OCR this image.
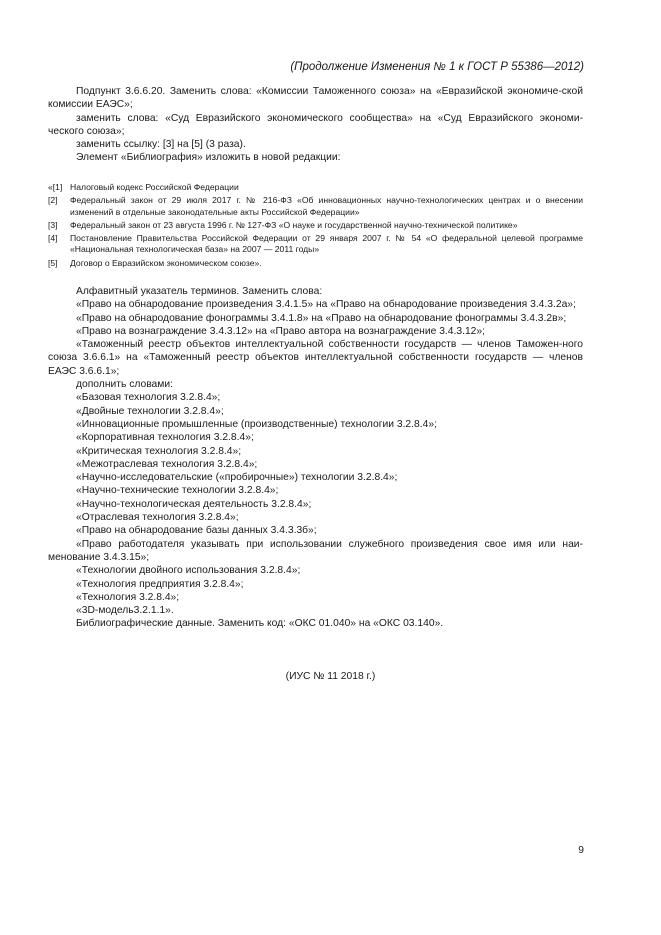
(Продолжение Изменения № 1 к ГОСТ Р 55386—2012)

Подпункт 3.6.6.20. Заменить слова: «Комиссии Таможенного союза» на «Евразийской экономиче-ской комиссии ЕАЭС»;

заменить слова: «Суд Евразийского экономического сообщества» на «Суд Евразийского экономи-ческого союза»;

заменить ссылку: [3] на [5] (3 раза).

Элемент «Библиография» изложить в новой редакции:

«[1] Налоговый кодекс Российской Федерации
[2]	Федеральный закон от 29 июля 2017 г. № 216-ФЗ «Об инновационных научно-технологических центрах и о внесении изменений в отдельные законодательные акты Российской Федерации»
[3]	Федеральный закон от 23 августа 1996 г. № 127-ФЗ «О науке и государственной научно-технической политике»
[4]	Постановление Правительства Российской Федерации от 29 января 2007 г. № 54 «О федеральной целевой программе «Национальная технологическая база» на 2007 — 2011 годы»
[5]	Договор о Евразийском экономическом союзе».

Алфавитный указатель терминов. Заменить слова:

«Право на обнародование произведения 3.4.1.5» на «Право на обнародование произведения 3.4.3.2а»;

«Право на обнародование фонограммы 3.4.1.8» на «Право на обнародование фонограммы 3.4.3.2в»;

«Право на вознаграждение 3.4.3.12» на «Право автора на вознаграждение 3.4.3.12»;

«Таможенный реестр объектов интеллектуальной собственности государств — членов Таможен-ного союза 3.6.6.1» на «Таможенный реестр объектов интеллектуальной собственности государств — членов ЕАЭС 3.6.6.1»;

дополнить словами:

«Базовая технология 3.2.8.4»;

«Двойные технологии 3.2.8.4»;

«Инновационные промышленные (производственные) технологии 3.2.8.4»;

«Корпоративная технология 3.2.8.4»;

«Критическая технология 3.2.8.4»;

«Межотраслевая технология 3.2.8.4»;

«Научно-исследовательские («пробирочные») технологии 3.2.8.4»;

«Научно-технические технологии 3.2.8.4»;

«Научно-технологическая деятельность 3.2.8.4»;

«Отраслевая технология 3.2.8.4»;

«Право на обнародование базы данных 3.4.3.3б»;

«Право работодателя указывать при использовании служебного произведения свое имя или наи-менование 3.4.3.15»;

«Технологии двойного использования 3.2.8.4»;

«Технология предприятия 3.2.8.4»;

«Технология 3.2.8.4»;

«3D-модель3.2.1.1».

Библиографические данные. Заменить код: «ОКС 01.040» на «ОКС 03.140».

(ИУС № 11 2018 г.)
9
